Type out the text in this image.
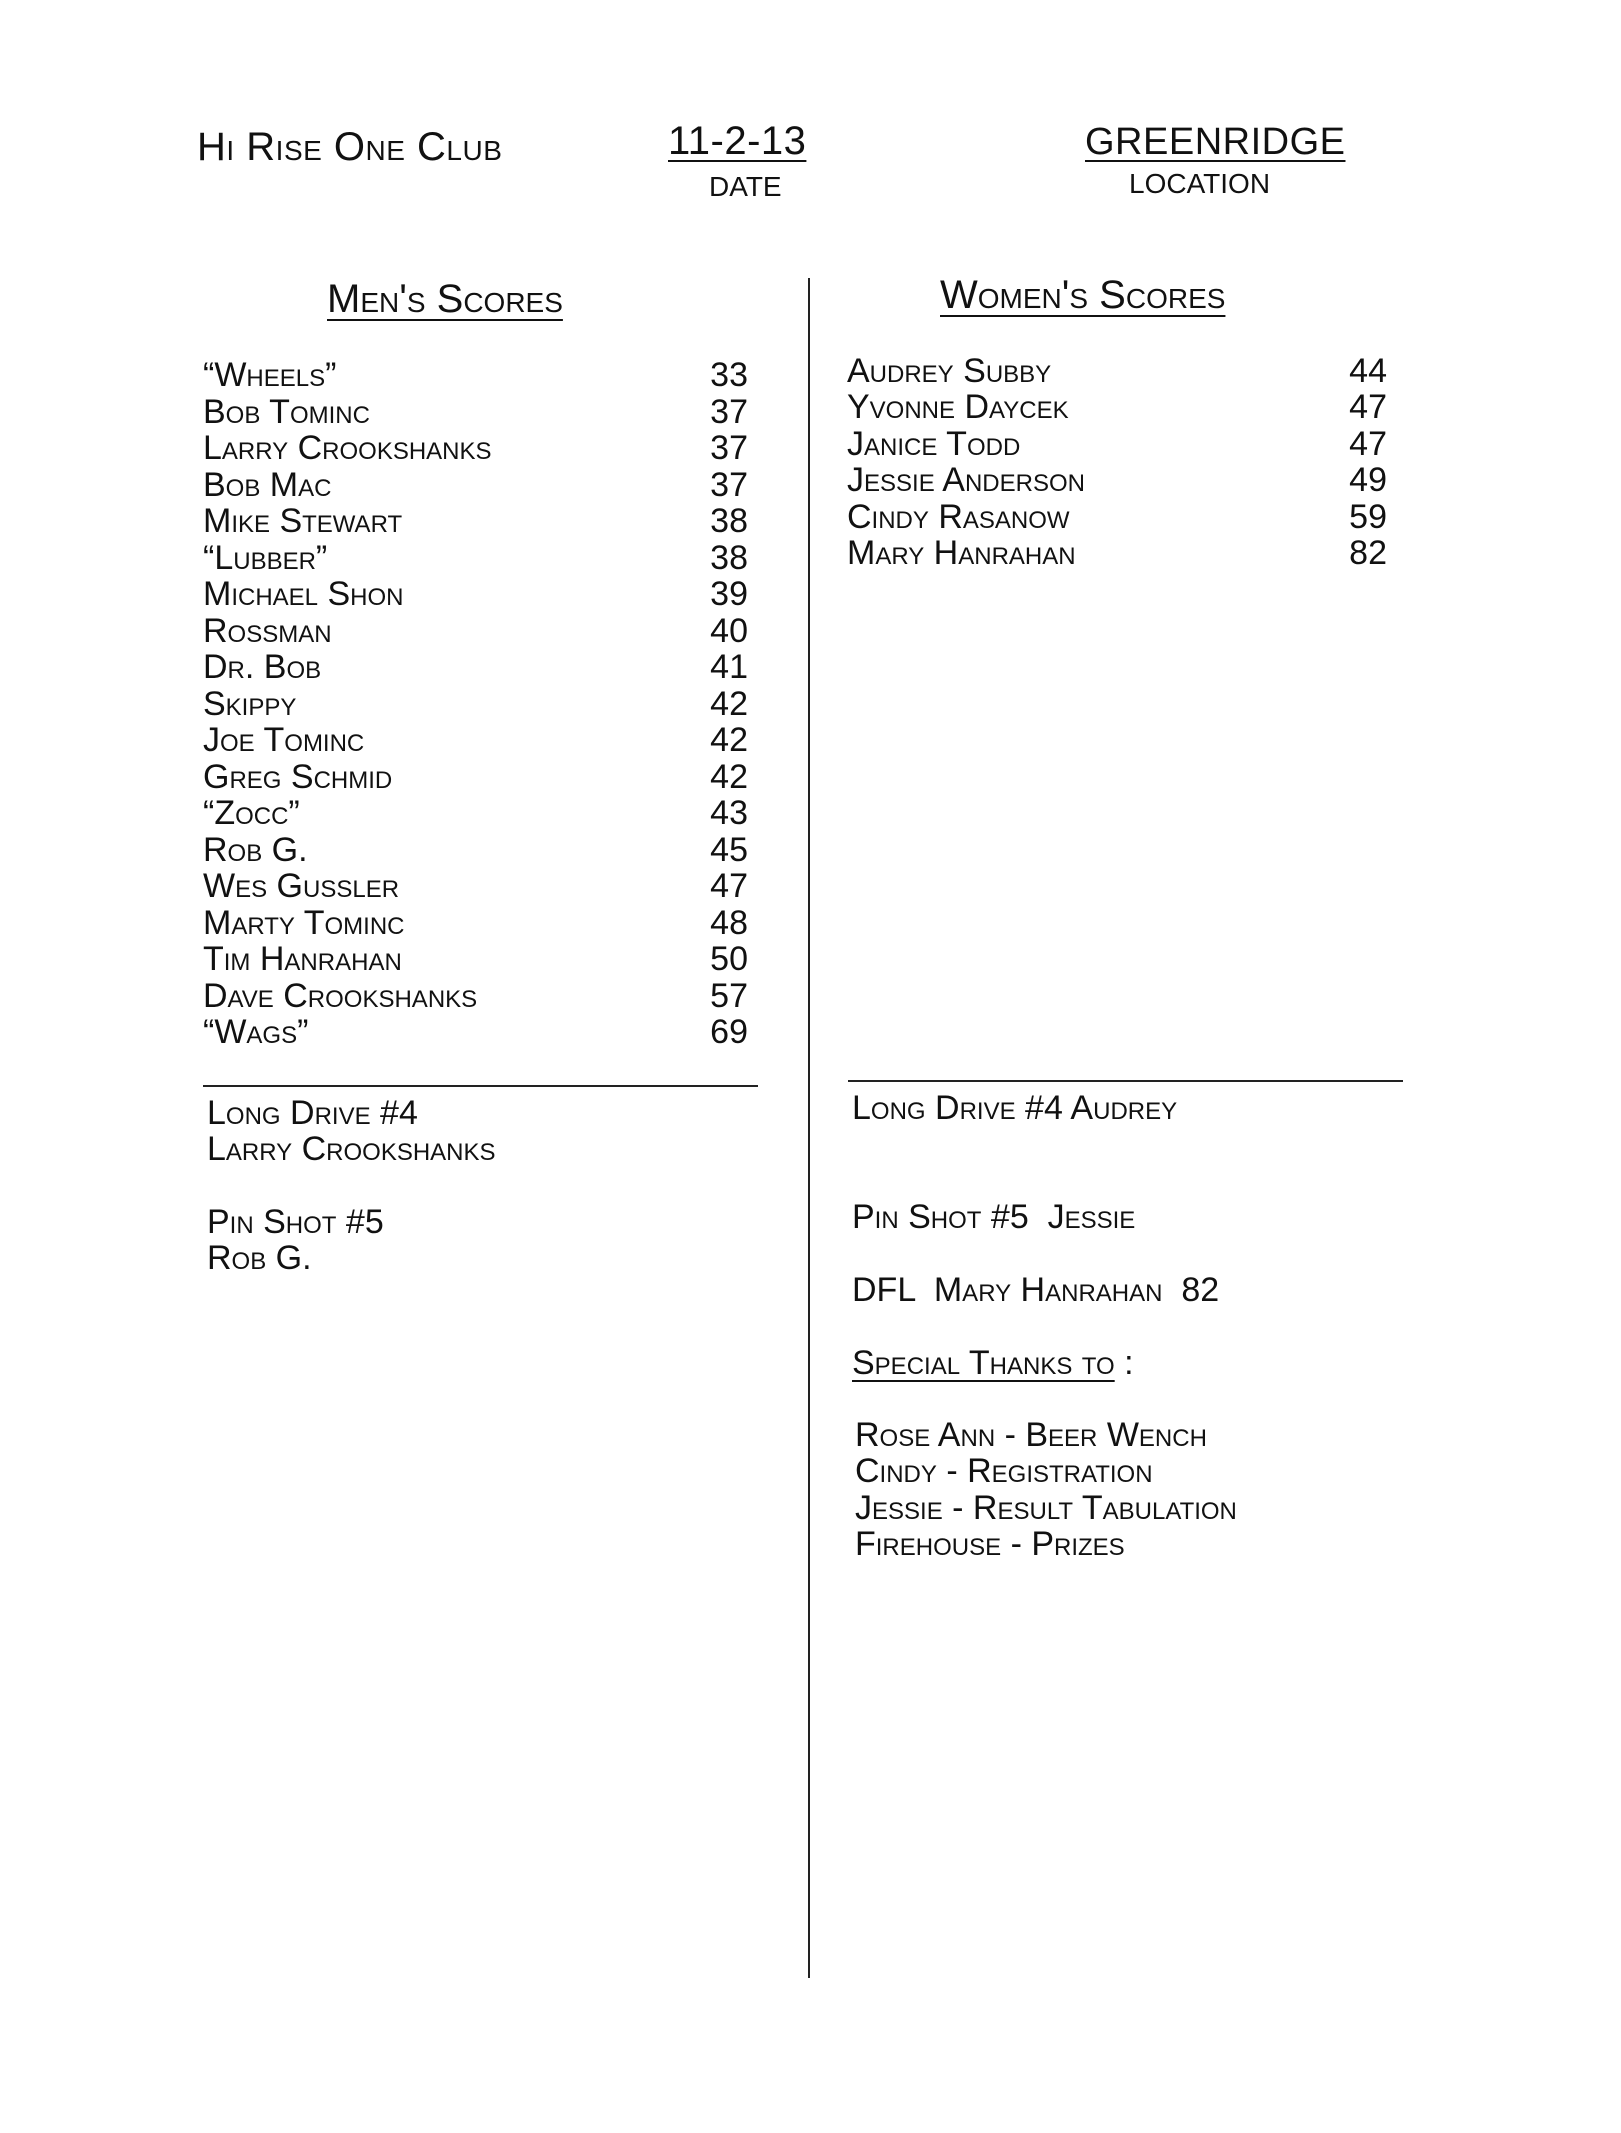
Hi Rise One Club	11-2-13
DATE
GREENRIDGE
LOCATION
Men's Scores	Women's Scores
“Wheels”	33
Bob Tominc	37
Larry Crookshanks	37
Bob Mac	37
Mike Stewart	38
“Lubber”	38
Michael Shon	39
Rossman	40
Dr. Bob	41
Skippy	42
Joe Tominc	42
Greg Schmid	42
“Zocc”	43
Rob G.	45
Wes Gussler	47
Marty Tominc	48
Tim Hanrahan	50
Dave Crookshanks	57
“Wags”	69
Audrey Subby	44
Yvonne Daycek	47
Janice Todd	47
Jessie Anderson	49
Cindy Rasanow	59
Mary Hanrahan	82
Long Drive #4
Larry Crookshanks
Pin Shot #5
Rob G.
Long Drive #4 Audrey
Pin Shot #5  Jessie
DFL  Mary Hanrahan  82
Special Thanks to :
Rose Ann - Beer Wench
Cindy - Registration
Jessie - Result Tabulation
Firehouse - Prizes
